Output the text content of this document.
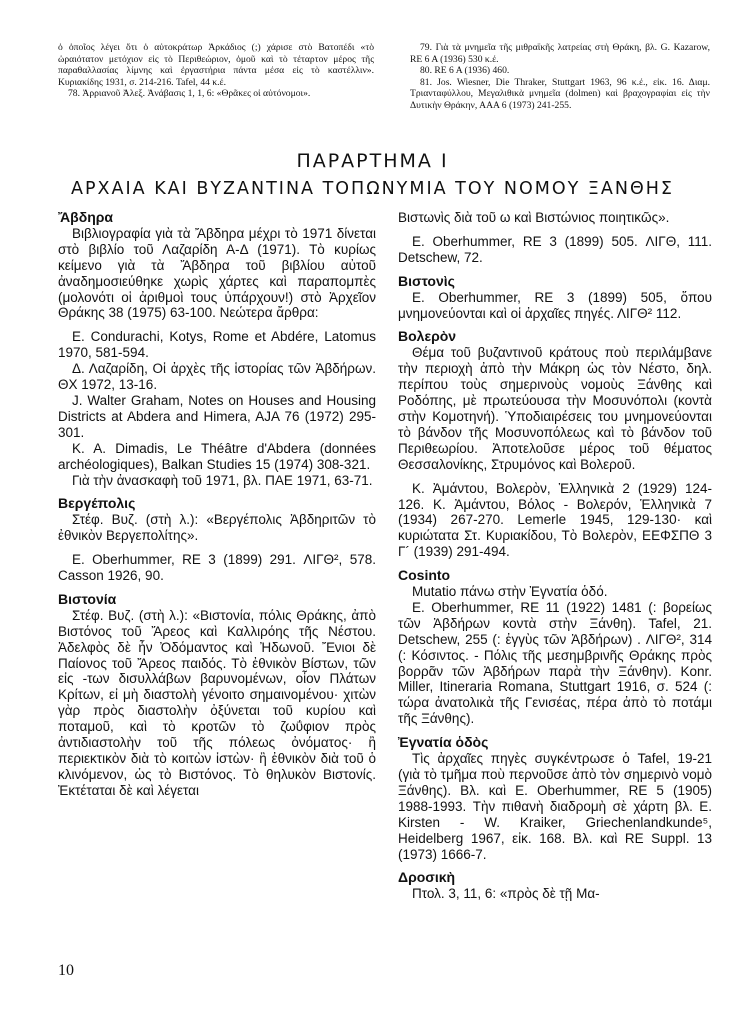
ὁ ὁποῖος λέγει ὅτι ὁ αὐτοκράτωρ Ἀρκάδιος (;) χάρισε στὸ Βατοπέδι «τὸ ὡραιότατον μετόχιον εἰς τὸ Περιθεώριον, ὁμοῦ καὶ τὸ τέταρτον μέρος τῆς παραθαλλασίας λίμνης καὶ ἐργαστήρια πάντα μέσα εἰς τὸ καστέλλιν». Κυριακίδης 1931, σ. 214-216. Tafel, 44 κ.έ.

78. Ἀρριανοῦ Ἀλεξ. Ἀνάβασις 1, 1, 6: «Θρᾶκες οἱ αὐτόνομοι».

79. Γιὰ τὰ μνημεῖα τῆς μιθραϊκῆς λατρείας στὴ Θράκη, βλ. G. Kazarow, RE 6 A (1936) 530 κ.έ.

80. RE 6 A (1936) 460.

81. Jos. Wiesner, Die Thraker, Stuttgart 1963, 96 κ.έ., εἰκ. 16. Διαμ. Τριανταφύλλου, Μεγαλιθικὰ μνημεῖα (dolmen) καὶ βραχογραφίαι εἰς τὴν Δυτικὴν Θράκην, ΑΑΑ 6 (1973) 241-255.

ΠΑΡΑΡΤΗΜΑ Ι
ΑΡΧΑΙΑ ΚΑΙ ΒΥΖΑΝΤΙΝΑ ΤΟΠΩΝΥΜΙΑ ΤΟΥ ΝΟΜΟΥ ΞΑΝΘΗΣ

Ἄβδηρα

Βιβλιογραφία γιὰ τὰ Ἄβδηρα μέχρι τὸ 1971 δίνεται στὸ βιβλίο τοῦ Λαζαρίδη Α-Δ (1971). Τὸ κυρίως κείμενο γιὰ τὰ Ἄβδηρα τοῦ βιβλίου αὐτοῦ ἀναδημοσιεύθηκε χωρὶς χάρτες καὶ παραπομπὲς (μολονότι οἱ ἀριθμοὶ τους ὑπάρχουν!) στὸ Ἀρχεῖον Θράκης 38 (1975) 63-100. Νεώτερα ἄρθρα:

E. Condurachi, Kotys, Rome et Abdére, Latomus 1970, 581-594.

Δ. Λαζαρίδη, Οἱ ἀρχὲς τῆς ἱστορίας τῶν Ἀβδήρων. ΘΧ 1972, 13-16.

J. Walter Graham, Notes on Houses and Housing Districts at Abdera and Himera, AJA 76 (1972) 295-301.

K. A. Dimadis, Le Théâtre d'Abdera (données archéologiques), Balkan Studies 15 (1974) 308-321.

Γιὰ τὴν ἀνασκαφὴ τοῦ 1971, βλ. ΠΑΕ 1971, 63-71.

Βεργέπολις

Στέφ. Βυζ. (στὴ λ.): «Βεργέπολις Ἀβδηριτῶν τὸ ἐθνικὸν Βεργεπολίτης».

E. Oberhummer, RE 3 (1899) 291. ΛΙΓΘ², 578. Casson 1926, 90.

Βιστονία

Στέφ. Βυζ. (στὴ λ.): «Βιστονία, πόλις Θράκης, ἀπὸ Βιστόνος τοῦ Ἄρεος καὶ Καλλιρόης τῆς Νέστου. Ἀδελφὸς δὲ ἦν Ὀδόμαντος καὶ Ἠδωνοῦ. Ἔνιοι δὲ Παίονος τοῦ Ἄρεος παιδός. Τὸ ἐθνικὸν Βίστων, τῶν εἰς -των δισυλλάβων βαρυνομένων, οἷον Πλάτων Κρίτων, εἰ μὴ διαστολὴ γένοιτο σημαινομένου· χιτὼν γὰρ πρὸς διαστολὴν ὀξύνεται τοῦ κυρίου καὶ ποταμοῦ, καὶ τὸ κροτῶν τὸ ζωΰφιον πρὸς ἀντιδιαστολὴν τοῦ τῆς πόλεως ὀνόματος· ἢ περιεκτικὸν διὰ τὸ κοιτὼν ἱστὼν· ἢ ἐθνικὸν διὰ τοῦ ὁ κλινόμενον, ὡς τὸ Βιστόνος. Τὸ θηλυκὸν Βιστονίς. Ἐκτέταται δὲ καὶ λέγεται

Βιστωνὶς διὰ τοῦ ω καὶ Βιστώνιος ποιητικῶς».

E. Oberhummer, RE 3 (1899) 505. ΛΙΓΘ, 111. Detschew, 72.

Βιστονὶς

E. Oberhummer, RE 3 (1899) 505, ὅπου μνημονεύονται καὶ οἱ ἀρχαῖες πηγές. ΛΙΓΘ² 112.

Βολερὸν

Θέμα τοῦ βυζαντινοῦ κράτους ποὺ περιλάμβανε τὴν περιοχὴ ἀπὸ τὴν Μάκρη ὡς τὸν Νέστο, δηλ. περίπου τοὺς σημερινοὺς νομοὺς Ξάνθης καὶ Ροδόπης, μὲ πρωτεύουσα τὴν Μοσυνόπολι (κοντὰ στὴν Κομοτηνή). Ὑποδιαιρέσεις του μνημονεύονται τὸ βάνδον τῆς Μοσυνοπόλεως καὶ τὸ βάνδον τοῦ Περιθεωρίου. Ἀποτελοῦσε μέρος τοῦ θέματος Θεσσαλονίκης, Στρυμόνος καὶ Βολεροῦ.

Κ. Ἀμάντου, Βολερὸν, Ἑλληνικὰ 2 (1929) 124-126. Κ. Ἀμάντου, Βόλος - Βολερόν, Ἑλληνικὰ 7 (1934) 267-270. Lemerle 1945, 129-130· καὶ κυριώτατα Στ. Κυριακίδου, Τὸ Βολερὸν, ΕΕΦΣΠΘ 3 Γ´ (1939) 291-494.

Cosinto

Mutatio πάνω στὴν Ἐγνατία ὁδό.

E. Oberhummer, RE 11 (1922) 1481 (: βορείως τῶν Ἀβδήρων κοντὰ στὴν Ξάνθη). Tafel, 21. Detschew, 255 (: ἐγγὺς τῶν Ἀβδήρων) . ΛΙΓΘ², 314 (: Κόσιντος. - Πόλις τῆς μεσημβρινῆς Θράκης πρὸς βορρᾶν τῶν Ἀβδήρων παρὰ τὴν Ξάνθην). Konr. Miller, Itineraria Romana, Stuttgart 1916, σ. 524 (: τώρα ἀνατολικὰ τῆς Γενισέας, πέρα ἀπὸ τὸ ποτάμι τῆς Ξάνθης).

Ἐγνατία ὁδὸς

Τὶς ἀρχαῖες πηγὲς συγκέντρωσε ὁ Tafel, 19-21 (γιὰ τὸ τμῆμα ποὺ περνοῦσε ἀπὸ τὸν σημερινὸ νομὸ Ξάνθης). Βλ. καὶ E. Oberhummer, RE 5 (1905) 1988-1993. Τὴν πιθανὴ διαδρομὴ σὲ χάρτη βλ. E. Kirsten - W. Kraiker, Griechenlandkunde⁵, Heidelberg 1967, εἰκ. 168. Βλ. καὶ RE Suppl. 13 (1973) 1666-7.

Δροσικὴ

Πτολ. 3, 11, 6: «πρὸς δὲ τῇ Μα-

10
